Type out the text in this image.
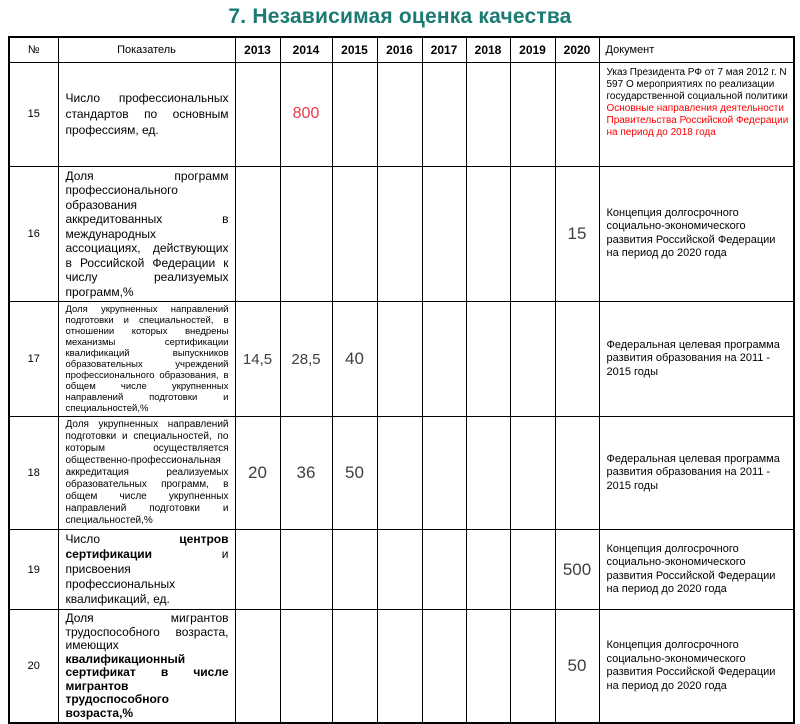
7. Независимая оценка качества
№	Показатель	2013	2014	2015	2016	2017	2018	2019	2020	Документ
15	Число профессиональных стандартов по основным профессиям, ед.		800							Указ Президента РФ от 7 мая 2012 г. N 597 О мероприятиях по реализации государственной социальной политики
Основные направления деятельности Правительства Российской Федерации на период до 2018 года
16	Доля программ профессионального образования аккредитованных в международных ассоциациях, действующих в Российской Федерации к числу реализуемых программ,%								15	Концепция долгосрочного социально-экономического развития Российской Федерации на период до 2020 года
17	Доля укрупненных направлений подготовки и специальностей, в отношении которых внедрены механизмы сертификации квалификаций выпускников образовательных учреждений профессионального образования, в общем числе укрупненных направлений подготовки и специальностей,%	14,5	28,5	40						Федеральная целевая программа развития образования на 2011 - 2015 годы
18	Доля укрупненных направлений подготовки и специальностей, по которым осуществляется общественно-профессиональная аккредитация реализуемых образовательных программ, в общем числе укрупненных направлений подготовки и специальностей,%	20	36	50						Федеральная целевая программа развития образования на 2011 - 2015 годы
19	Число центров сертификации и присвоения профессиональных квалификаций, ед.								500	Концепция долгосрочного социально-экономического развития Российской Федерации на период до 2020 года
20	Доля мигрантов трудоспособного возраста, имеющих квалификационный сертификат в числе мигрантов трудоспособного возраста,%								50	Концепция долгосрочного социально-экономического развития Российской Федерации на период до 2020 года
